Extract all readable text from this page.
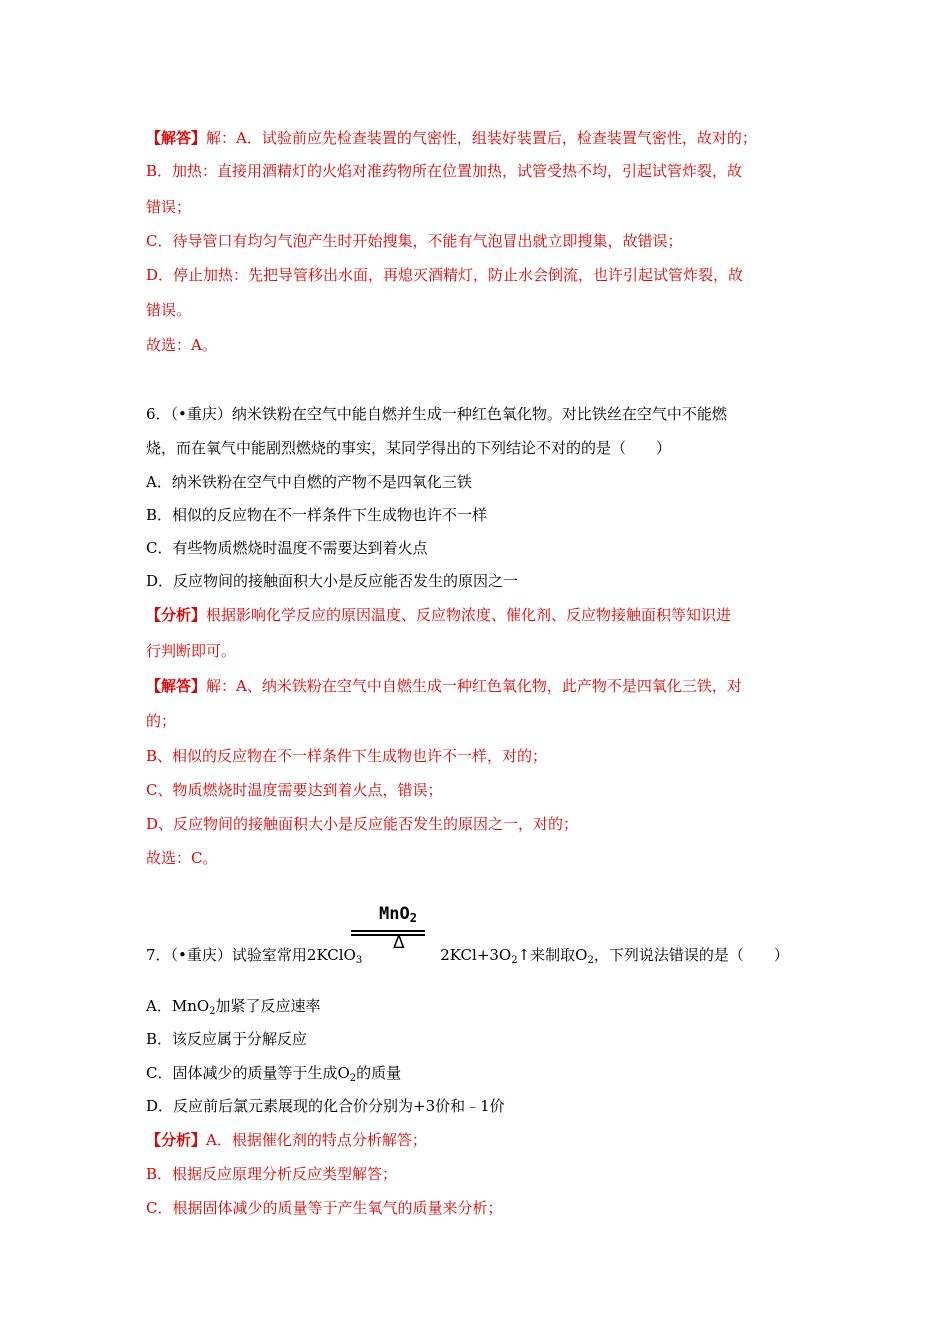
【解答】解：A．试验前应先检查装置的气密性，组装好装置后，检查装置气密性，故对的；
B．加热：直接用酒精灯的火焰对准药物所在位置加热，试管受热不均，引起试管炸裂，故
错误；
C．待导管口有均匀气泡产生时开始搜集，不能有气泡冒出就立即搜集，故错误；
D．停止加热：先把导管移出水面，再熄灭酒精灯，防止水会倒流，也许引起试管炸裂，故
错误。
故选：A。
6．（•重庆）纳米铁粉在空气中能自燃并生成一种红色氧化物。对比铁丝在空气中不能燃
烧，而在氧气中能剧烈燃烧的事实，某同学得出的下列结论不对的的是（　　）
A．纳米铁粉在空气中自燃的产物不是四氧化三铁
B．相似的反应物在不一样条件下生成物也许不一样
C．有些物质燃烧时温度不需要达到着火点
D．反应物间的接触面积大小是反应能否发生的原因之一
【分析】根据影响化学反应的原因温度、反应物浓度、催化剂、反应物接触面积等知识进
行判断即可。
【解答】解：A、纳米铁粉在空气中自燃生成一种红色氧化物，此产物不是四氧化三铁，对
的；
B、相似的反应物在不一样条件下生成物也许不一样，对的；
C、物质燃烧时温度需要达到着火点，错误；
D、反应物间的接触面积大小是反应能否发生的原因之一，对的；
故选：C。
MnO$_2$
Δ
7．（•重庆）试验室常用2KClO$_3$	$2KCl+3O_2↑$来制取$O_2$，下列说法错误的是（　　）
A．MnO$_2$加紧了反应速率
B．该反应属于分解反应
C．固体减少的质量等于生成$O_2$的质量
D．反应前后氯元素展现的化合价分别为+3价和﹣1价
【分析】A．根据催化剂的特点分析解答；
B．根据反应原理分析反应类型解答；
C．根据固体减少的质量等于产生氧气的质量来分析；
